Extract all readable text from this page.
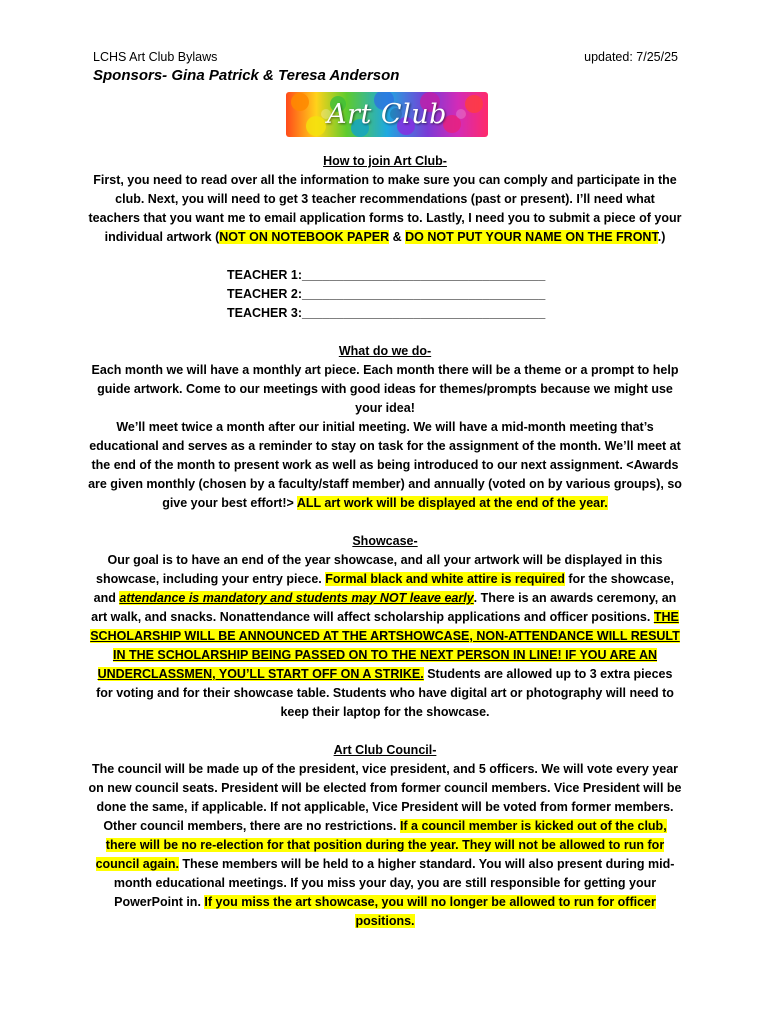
LCHS Art Club Bylaws	updated: 7/25/25
Sponsors- Gina Patrick & Teresa Anderson
Art Club
How to join Art Club-
First, you need to read over all the information to make sure you can comply and participate in the club. Next, you will need to get 3 teacher recommendations (past or present). I’ll need what teachers that you want me to email application forms to. Lastly, I need you to submit a piece of your individual artwork (NOT ON NOTEBOOK PAPER & DO NOT PUT YOUR NAME ON THE FRONT.)
TEACHER 1:___________________________________
TEACHER 2:___________________________________
TEACHER 3:___________________________________
What do we do-
Each month we will have a monthly art piece. Each month there will be a theme or a prompt to help guide artwork. Come to our meetings with good ideas for themes/prompts because we might use your idea!
We’ll meet twice a month after our initial meeting. We will have a mid-month meeting that’s educational and serves as a reminder to stay on task for the assignment of the month. We’ll meet at the end of the month to present work as well as being introduced to our next assignment. <Awards are given monthly (chosen by a faculty/staff member) and annually (voted on by various groups), so give your best effort!> ALL art work will be displayed at the end of the year.
Showcase-
Our goal is to have an end of the year showcase, and all your artwork will be displayed in this showcase, including your entry piece. Formal black and white attire is required for the showcase, and attendance is mandatory and students may NOT leave early. There is an awards ceremony, an art walk, and snacks. Nonattendance will affect scholarship applications and officer positions. THE SCHOLARSHIP WILL BE ANNOUNCED AT THE ARTSHOWCASE, NON-ATTENDANCE WILL RESULT IN THE SCHOLARSHIP BEING PASSED ON TO THE NEXT PERSON IN LINE! IF YOU ARE AN UNDERCLASSMEN, YOU’LL START OFF ON A STRIKE. Students are allowed up to 3 extra pieces for voting and for their showcase table. Students who have digital art or photography will need to keep their laptop for the showcase.
Art Club Council-
The council will be made up of the president, vice president, and 5 officers. We will vote every year on new council seats. President will be elected from former council members. Vice President will be done the same, if applicable. If not applicable, Vice President will be voted from former members. Other council members, there are no restrictions. If a council member is kicked out of the club, there will be no re-election for that position during the year. They will not be allowed to run for council again. These members will be held to a higher standard. You will also present during mid-month educational meetings. If you miss your day, you are still responsible for getting your PowerPoint in. If you miss the art showcase, you will no longer be allowed to run for officer positions.
